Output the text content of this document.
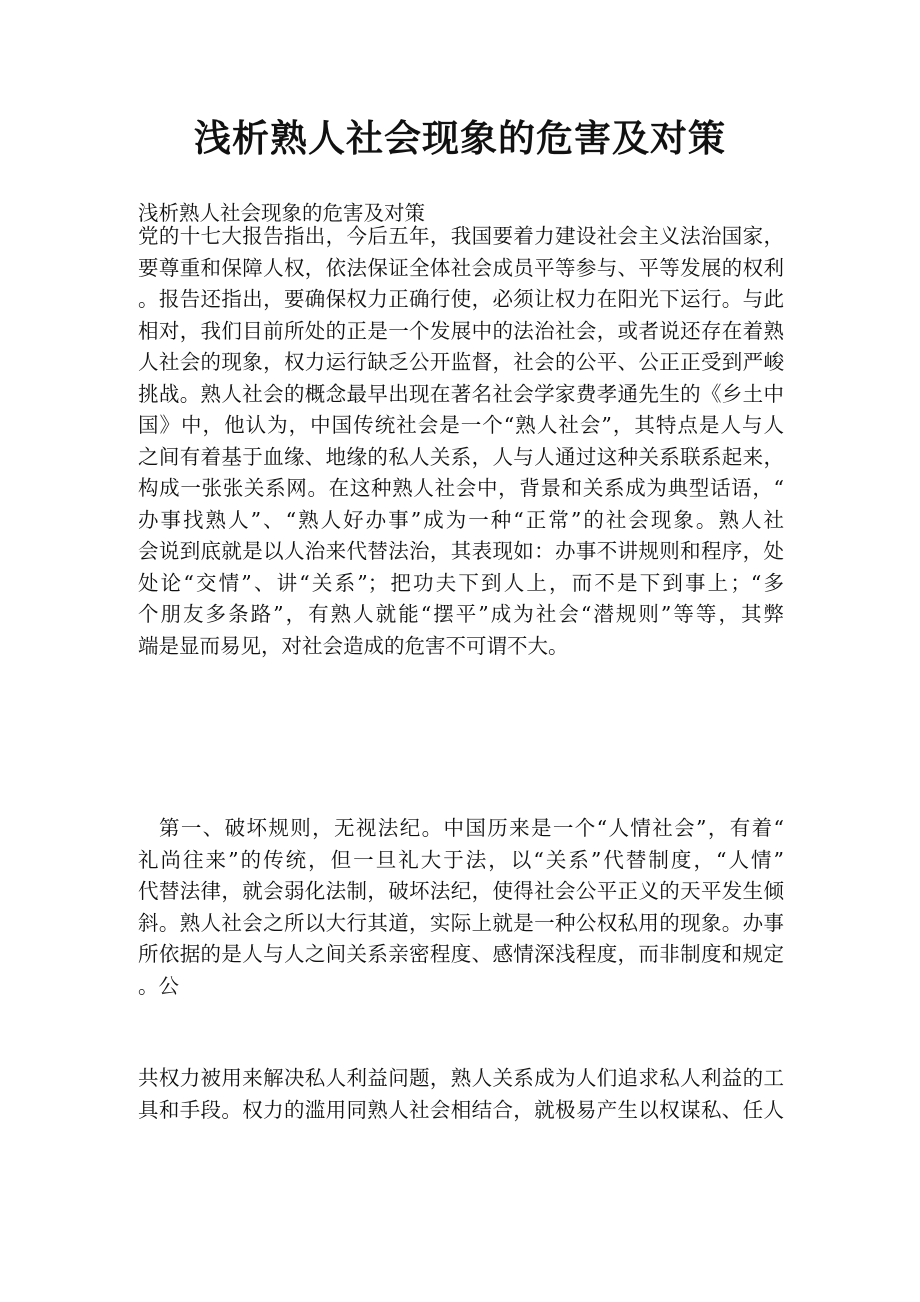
浅析熟人社会现象的危害及对策

浅析熟人社会现象的危害及对策

党的十七大报告指出，今后五年，我国要着力建设社会主义法治国家，
要尊重和保障人权，依法保证全体社会成员平等参与、平等发展的权利
。报告还指出，要确保权力正确行使，必须让权力在阳光下运行。与此
相对，我们目前所处的正是一个发展中的法治社会，或者说还存在着熟
人社会的现象，权力运行缺乏公开监督，社会的公平、公正正受到严峻
挑战。熟人社会的概念最早出现在著名社会学家费孝通先生的《乡土中
国》中，他认为，中国传统社会是一个“熟人社会”，其特点是人与人
之间有着基于血缘、地缘的私人关系，人与人通过这种关系联系起来，
构成一张张关系网。在这种熟人社会中，背景和关系成为典型话语，“
办事找熟人”、“熟人好办事”成为一种“正常”的社会现象。熟人社
会说到底就是以人治来代替法治，其表现如：办事不讲规则和程序，处
处论“交情”、讲“关系”；把功夫下到人上，而不是下到事上；“多
个朋友多条路”，有熟人就能“摆平”成为社会“潜规则”等等，其弊
端是显而易见，对社会造成的危害不可谓不大。
第一、破坏规则，无视法纪。中国历来是一个“人情社会”，有着“
礼尚往来”的传统，但一旦礼大于法，以“关系”代替制度，“人情”
代替法律，就会弱化法制，破坏法纪，使得社会公平正义的天平发生倾
斜。熟人社会之所以大行其道，实际上就是一种公权私用的现象。办事
所依据的是人与人之间关系亲密程度、感情深浅程度，而非制度和规定
。公
共权力被用来解决私人利益问题，熟人关系成为人们追求私人利益的工
具和手段。权力的滥用同熟人社会相结合，就极易产生以权谋私、任人
